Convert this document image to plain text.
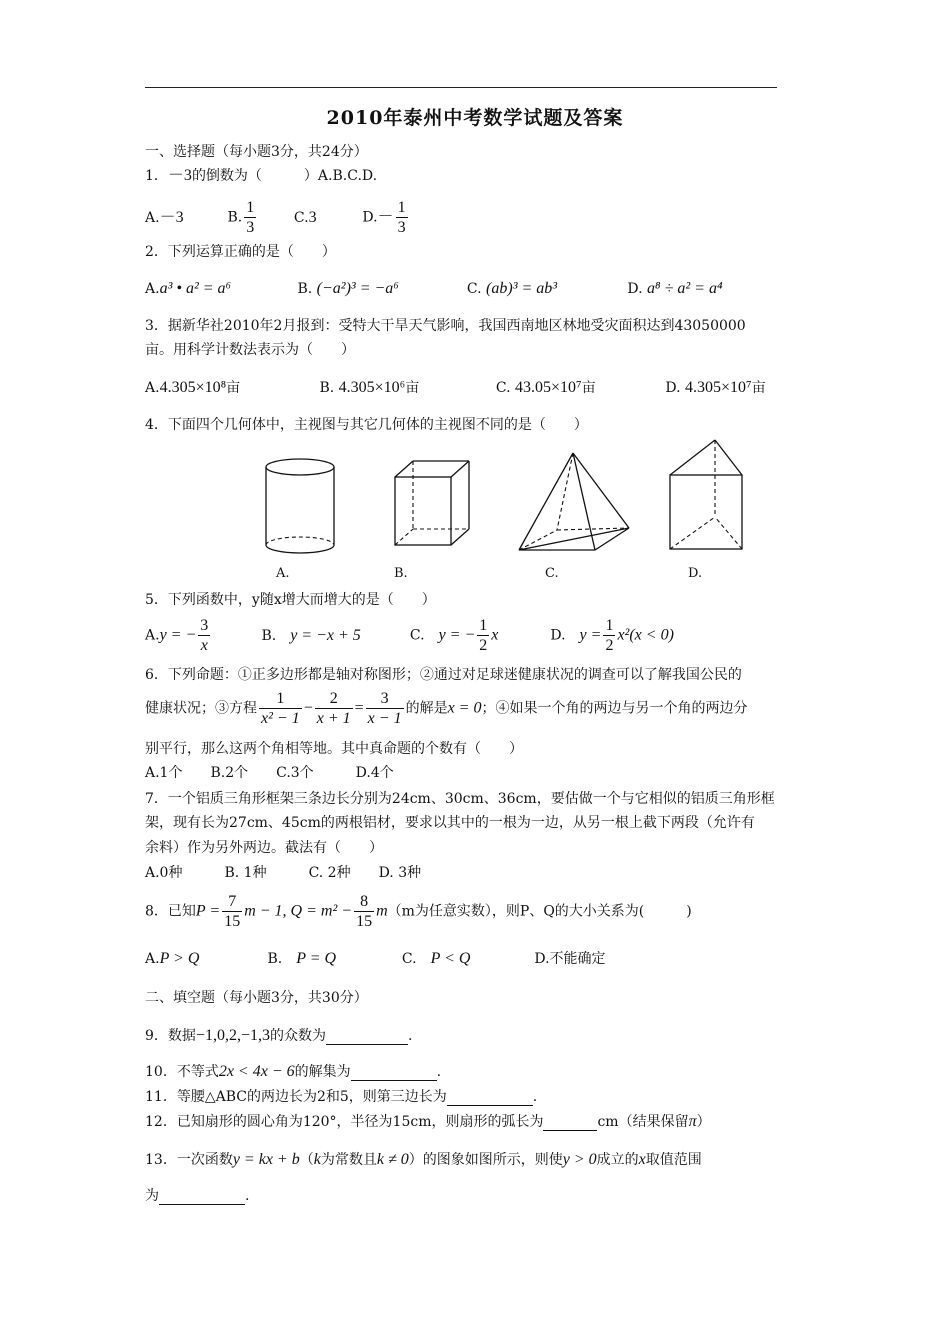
2010年泰州中考数学试题及答案
一、选择题（每小题3分，共24分）
1．－3的倒数为（　　　）A.B.C.D.
A.－3	B. $\frac{1}{3}$	C.3	$D.- \frac{1}{3}$
2．下列运算正确的是（　　）
A.a³ • a² = a⁶	B. (−a²)³ = −a⁶	C. (ab)³ = ab³	D. a⁸ ÷ a² = a⁴
3．据新华社2010年2月报到：受特大干旱天气影响，我国西南地区林地受灾面积达到43050000
亩。用科学计数法表示为（　　）
A.4.305×10⁸亩	B. 4.305×10⁶亩	C. 43.05×10⁷亩	D. 4.305×10⁷亩
4．下面四个几何体中，主视图与其它几何体的主视图不同的是（　　）
A.	B.	C.	D.
5．下列函数中，y随x增大而增大的是（　　）
A.y = − $\frac{3}{x}$	B.　 y = −x + 5	C.　 y = − $\frac{1}{2}$ x	D.　 $y = \frac{1}{2} x^2(x < 0)$
6．下列命题：①正多边形都是轴对称图形；②通过对足球迷健康状况的调查可以了解我国公民的
健康状况；③方程 $\frac{1}{\text{x² − 1}} - \frac{2}{x + 1} = \frac{3}{x - 1}$ 的解是x = 0；④如果一个角的两边与另一个角的两边分
别平行，那么这两个角相等地。其中真命题的个数有（　　）
A.1个　　B.2个　　C.3个　　　D.4个
7．一个铝质三角形框架三条边长分别为24cm、30cm、36cm，要估做一个与它相似的铝质三角形框
架，现有长为27cm、45cm的两根铝材，要求以其中的一根为一边，从另一根上截下两段（允许有
余料）作为另外两边。截法有（　　）
A.0种　　　B. 1种　　　C. 2种　　D. 3种
8．已知$P = \frac{7}{15}$ m − 1, $Q = m^2 - \frac{8}{15} m(m$为任意实数），则P、Q的大小关系为(　　　)
A.P > Q	B.　 P = Q	C.　 P < Q	D.不能确定
二、填空题（每小题3分，共30分）
9．数据−1,0,2,−1,3的众数为	.
10．不等式2x < 4x − 6的解集为	.
11．等腰△ABC的两边长为2和5，则第三边长为	.
12．已知扇形的圆心角为120°，半径为15cm，则扇形的弧长为	cm（结果保留π）
13．一次函数y = kx + b（k为常数且k ≠ 0）的图象如图所示，则使y > 0成立的x取值范围
为	.
